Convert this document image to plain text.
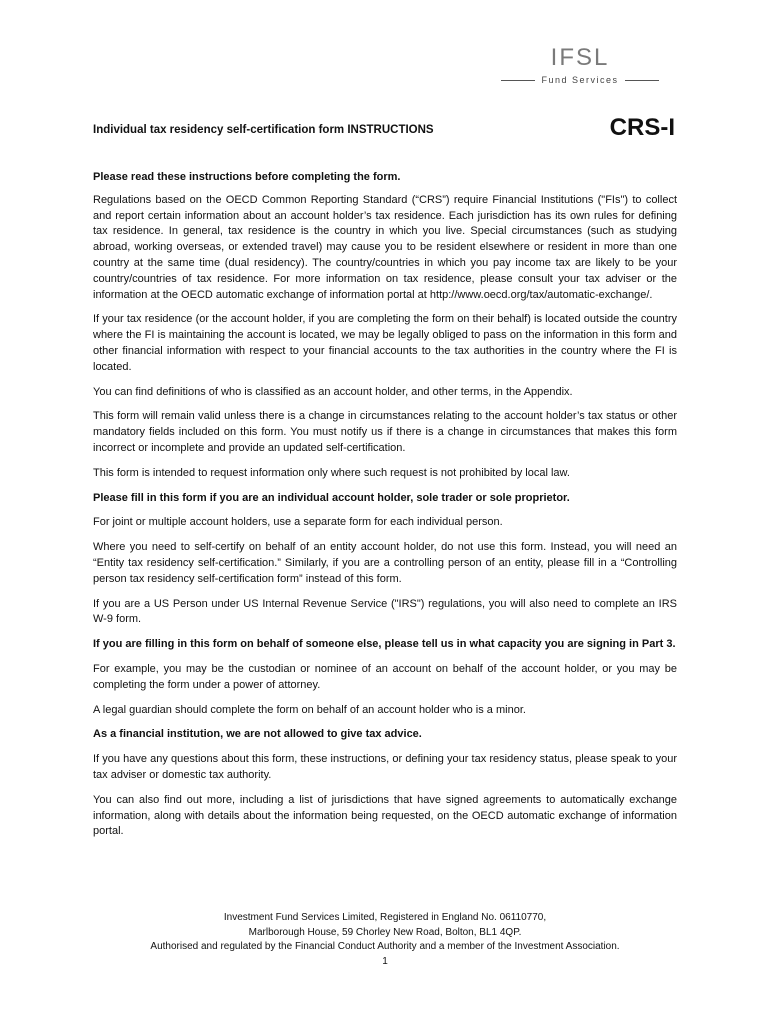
IFSL
Fund Services
Individual tax residency self-certification form INSTRUCTIONS	CRS-I

Please read these instructions before completing the form.

Regulations based on the OECD Common Reporting Standard (“CRS”) require Financial Institutions ("FIs") to collect and report certain information about an account holder’s tax residence. Each jurisdiction has its own rules for defining tax residence. In general, tax residence is the country in which you live. Special circumstances (such as studying abroad, working overseas, or extended travel) may cause you to be resident elsewhere or resident in more than one country at the same time (dual residency). The country/countries in which you pay income tax are likely to be your country/countries of tax residence. For more information on tax residence, please consult your tax adviser or the information at the OECD automatic exchange of information portal at http://www.oecd.org/tax/automatic-exchange/.

If your tax residence (or the account holder, if you are completing the form on their behalf) is located outside the country where the FI is maintaining the account is located, we may be legally obliged to pass on the information in this form and other financial information with respect to your financial accounts to the tax authorities in the country where the FI is located.

You can find definitions of who is classified as an account holder, and other terms, in the Appendix.

This form will remain valid unless there is a change in circumstances relating to the account holder’s tax status or other mandatory fields included on this form. You must notify us if there is a change in circumstances that makes this form incorrect or incomplete and provide an updated self-certification.

This form is intended to request information only where such request is not prohibited by local law.

Please fill in this form if you are an individual account holder, sole trader or sole proprietor.

For joint or multiple account holders, use a separate form for each individual person.

Where you need to self-certify on behalf of an entity account holder, do not use this form. Instead, you will need an “Entity tax residency self-certification.” Similarly, if you are a controlling person of an entity, please fill in a “Controlling person tax residency self-certification form” instead of this form.

If you are a US Person under US Internal Revenue Service ("IRS") regulations, you will also need to complete an IRS W-9 form.

If you are filling in this form on behalf of someone else, please tell us in what capacity you are signing in Part 3.

For example, you may be the custodian or nominee of an account on behalf of the account holder, or you may be completing the form under a power of attorney.

A legal guardian should complete the form on behalf of an account holder who is a minor.

As a financial institution, we are not allowed to give tax advice.

If you have any questions about this form, these instructions, or defining your tax residency status, please speak to your tax adviser or domestic tax authority.

You can also find out more, including a list of jurisdictions that have signed agreements to automatically exchange information, along with details about the information being requested, on the OECD automatic exchange of information portal.

Investment Fund Services Limited, Registered in England No. 06110770,
Marlborough House, 59 Chorley New Road, Bolton, BL1 4QP.
Authorised and regulated by the Financial Conduct Authority and a member of the Investment Association.
1
